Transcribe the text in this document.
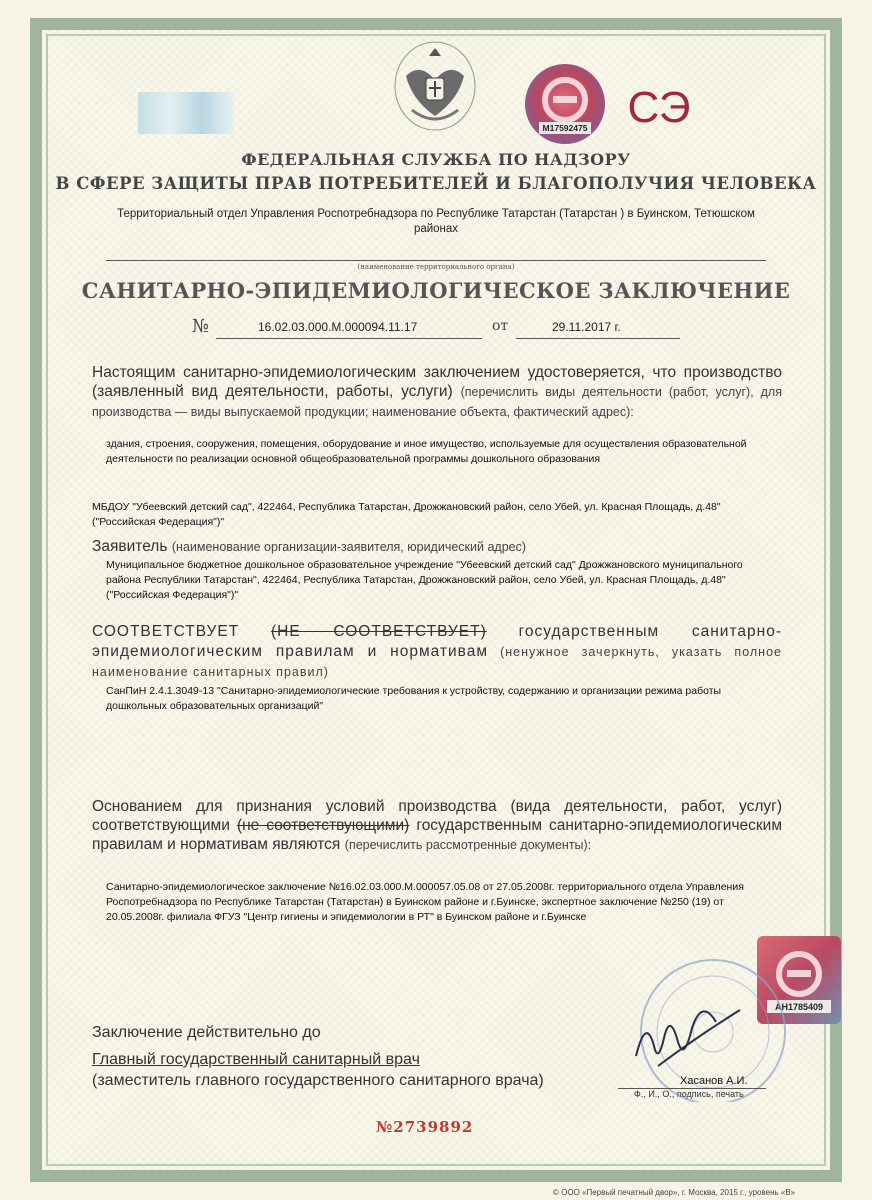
М17592475 СЭ
ФЕДЕРАЛЬНАЯ СЛУЖБА ПО НАДЗОРУ
В СФЕРЕ ЗАЩИТЫ ПРАВ ПОТРЕБИТЕЛЕЙ И БЛАГОПОЛУЧИЯ ЧЕЛОВЕКА
Территориальный отдел Управления Роспотребнадзора по Республике Татарстан (Татарстан ) в Буинском, Тетюшском районах
(наименование территориального органа)
САНИТАРНО-ЭПИДЕМИОЛОГИЧЕСКОЕ ЗАКЛЮЧЕНИЕ
№	16.02.03.000.М.000094.11.17	от	29.11.2017 г.
Настоящим санитарно-эпидемиологическим заключением удостоверяется, что производство (заявленный вид деятельности, работы, услуги) (перечислить виды деятельности (работ, услуг), для производства — виды выпускаемой продукции; наименование объекта, фактический адрес):
здания, строения, сооружения, помещения, оборудование и иное имущество, используемые для осуществления образовательной деятельности по реализации основной общеобразовательной программы дошкольного образования
МБДОУ "Убеевский детский сад", 422464, Республика Татарстан, Дрожжановский район, село Убей, ул. Красная Площадь, д.48" ("Российская Федерация")"
Заявитель (наименование организации-заявителя, юридический адрес)
Муниципальное бюджетное дошкольное образовательное учреждение "Убеевский детский сад" Дрожжановского муниципального района Республики Татарстан", 422464, Республика Татарстан, Дрожжановский район, село Убей, ул. Красная Площадь, д.48" ("Российская Федерация")"
СООТВЕТСТВУЕТ (НЕ СООТВЕТСТВУЕТ) государственным санитарно-эпидемиологическим правилам и нормативам (ненужное зачеркнуть, указать полное наименование санитарных правил)
СанПиН 2.4.1.3049-13 "Санитарно-эпидемиологические требования к устройству, содержанию и организации режима работы дошкольных образовательных организаций"
Основанием для признания условий производства (вида деятельности, работ, услуг) соответствующими (не соответствующими) государственным санитарно-эпидемиологическим правилам и нормативам являются (перечислить рассмотренные документы):
Санитарно-эпидемиологическое заключение №16.02.03.000.М.000057.05.08 от 27.05.2008г. территориального отдела Управления Роспотребнадзора по Республике Татарстан (Татарстан) в Буинском районе и г.Буинске, экспертное заключение №250 (19) от 20.05.2008г. филиала ФГУЗ "Центр гигиены и эпидемиологии в РТ" в Буинском районе и г.Буинске
АН1785409
Заключение действительно до
Главный государственный санитарный врач
(заместитель главного государственного санитарного врача)	Хасанов А.И.
Ф., И., О., подпись, печать
№2739892
© ООО «Первый печатный двор», г. Москва, 2015 г., уровень «В»
